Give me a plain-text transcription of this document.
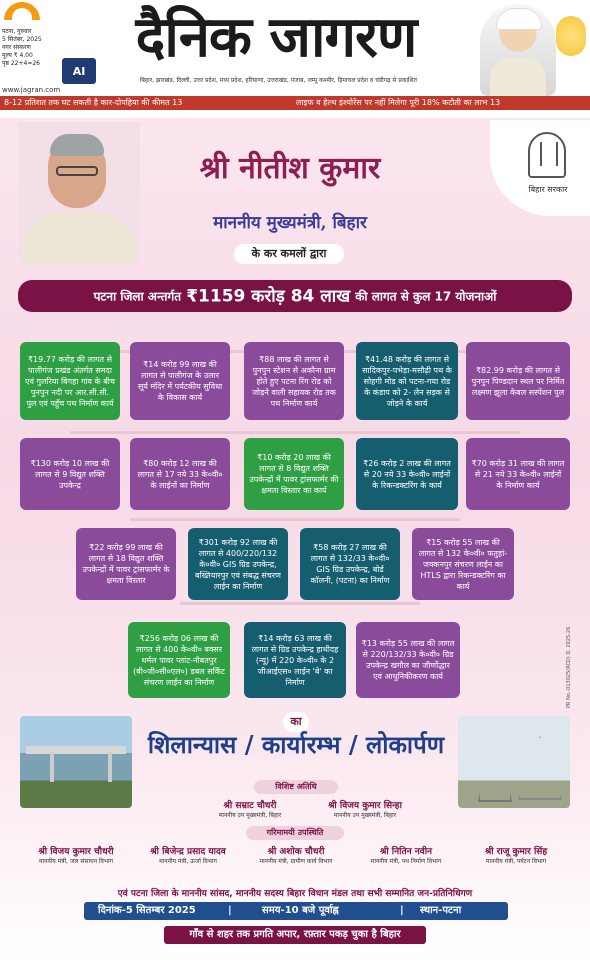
पटना, गुरुवार
5 सितंबर, 2025
नगर संस्करण
मूल्य ₹ 4.00
पृष्ठ 22+4=26
AI
www.jagran.com
दैनिक जागरण
बिहार, झारखंड, दिल्ली, उत्तर प्रदेश, मध्य प्रदेश, हरियाणा, उत्तराखंड, पंजाब, जम्मू कश्मीर, हिमाचल प्रदेश व चंडीगढ़ से प्रकाशित
8-12 प्रतिशत तक घट सकती है कार-दोपहिया की कीमत 13	लाइफ व हेल्थ इंश्योरेंस पर नहीं मिलेगा पूरी 18% कटौती का लाभ 13
श्री नीतीश कुमार
माननीय मुख्यमंत्री, बिहार
के कर कमलों द्वारा
बिहार सरकार
पटना जिला अन्तर्गत ₹1159 करोड़ 84 लाख की लागत से कुल 17 योजनाओं
₹19.77 करोड़ की लागत से पालीगंज प्रखंड अंतर्गत समदा एवं गुलरिया बिगहा गांव के बीच पुनपुन नदी पर आर.सी.सी. पुल एवं पहुँच पथ निर्माण कार्य
₹14 करोड़ 99 लाख की लागत से पालीगंज के उलार सूर्य मंदिर में पर्यटकीय सुविधा के विकास कार्य
₹88 लाख की लागत से पुनपुन स्टेशन से अकौना ग्राम होते हुए पटना रिंग रोड को जोड़ने वाली सहायक रोड तक पथ निर्माण कार्य
₹41.48 करोड़ की लागत से सादिकपुर-पभेड़ा-मसौढ़ी पथ के सोहगी मोड को पटना-गया रोड के कंडाप को 2- लेन सड़क से जोड़ने के कार्य
₹82.99 करोड़ की लागत से पुनपुन पिण्डदान स्थल पर निर्मित लक्ष्मण झूला केबल सस्पेंशन पुल
₹130 करोड़ 10 लाख की लागत से 9 विद्युत शक्ति उपकेन्द्र
₹80 करोड़ 12 लाख की लागत से 17 नये 33 के०वी० के लाईनों का निर्माण
₹10 करोड़ 20 लाख की लागत से 8 विद्युत शक्ति उपकेन्द्रों में पावर ट्रांसफार्मर की क्षमता विस्तार का कार्य
₹26 करोड़ 2 लाख की लागत से 20 नये 33 के०वी० लाईनों के रिकन्डक्टरिंग के कार्य
₹70 करोड़ 31 लाख की लागत से 21 नये 33 के०वी० लाईनों के निर्माण कार्य
₹22 करोड़ 99 लाख की लागत से 18 विद्युत शक्ति उपकेन्द्रों में पावर ट्रांसफार्मर के क्षमता विस्तार
₹301 करोड़ 92 लाख की लागत से 400/220/132 के०वी० GIS ग्रिड उपकेन्द्र, बख्तियारपुर एवं संबद्ध संचरण लाईन का निर्माण
₹58 करोड़ 27 लाख की लागत से 132/33 के०वी० GIS ग्रिड उपकेन्द्र, बोर्ड कॉलनी, (पटना) का निर्माण
₹15 करोड़ 55 लाख की लागत से 132 के०वी० फतुहां-जक्कनपुर संचरण लाईन का HTLS द्वारा रिकन्डक्टरिंग का कार्य
₹256 करोड़ 06 लाख की लागत से 400 के०वी० बक्सर थर्मल पावर प्लांट-नौबतपुर (बी०जी०सी०एल०) डबल सर्किट संचरण लाईन का निर्माण
₹14 करोड़ 63 लाख की लागत से ग्रिड उपकेन्द्र हाथीदह (न्यू) में 220 के०वी० के 2 जीआईएस० लाईन 'बे' का निर्माण
₹13 करोड़ 55 लाख की लागत से 220/132/33 के०वी० ग्रिड उपकेन्द्र खगौल का जीर्णोद्धार एवं आधुनिकीकरण कार्य
का
शिलान्यास / कार्यारम्भ / लोकार्पण
विशिष्ट अतिथि
श्री सम्राट चौधरी
माननीय उप मुख्यमंत्री, बिहार
श्री विजय कुमार सिन्हा
माननीय उप मुख्यमंत्री, बिहार
गरिमामयी उपस्थिति
श्री विजय कुमार चौधरी
माननीय मंत्री, जल संसाधन विभाग
श्री बिजेन्द्र प्रसाद यादव
माननीय मंत्री, ऊर्जा विभाग
श्री अशोक चौधरी
माननीय मंत्री, ग्रामीण कार्य विभाग
श्री नितिन नवीन
माननीय मंत्री, पथ निर्माण विभाग
श्री राजू कुमार सिंह
माननीय मंत्री, पर्यटन विभाग
एवं पटना जिला के माननीय सांसद, माननीय सदस्य बिहार विधान मंडल तथा सभी सम्मानित जन-प्रतिनिधिगण
दिनांक-5 सितम्बर 2025	|	समय-10 बजे पूर्वाह्न	| स्थान-पटना
गाँव से शहर तक प्रगति अपार, रफ़्तार पकड़ चुका है बिहार
PR No.-013025(RCD) D. 2025-26
